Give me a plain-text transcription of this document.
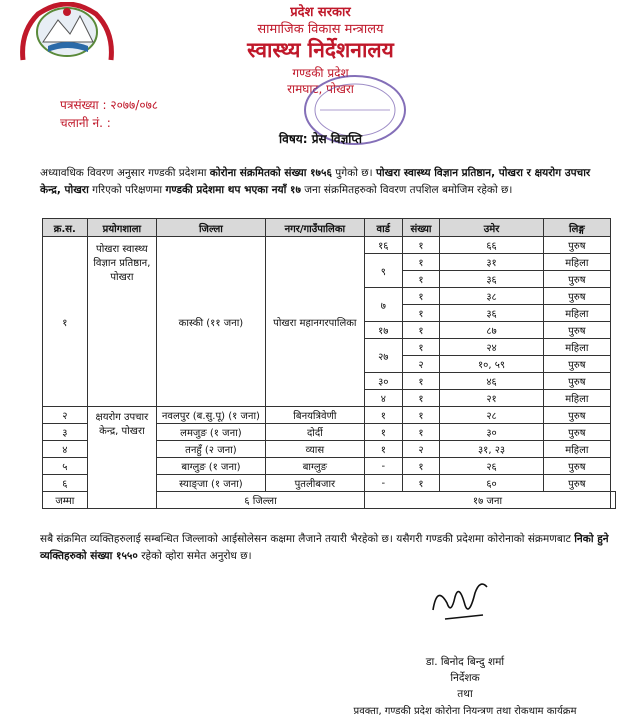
प्रदेश सरकार
सामाजिक विकास मन्त्रालय
स्वास्थ्य निर्देशनालय
गण्डकी प्रदेश
रामघाट, पोखरा
पत्रसंख्या : २०७७/०७८
चलानी नं. :
विषय: प्रेस विज्ञप्ति
अध्यावधिक विवरण अनुसार गण्डकी प्रदेशमा कोरोना संक्रमितको संख्या १७५६ पुगेको छ। पोखरा स्वास्थ्य विज्ञान प्रतिष्ठान, पोखरा र क्षयरोग उपचार केन्द्र, पोखरा गरिएको परिक्षणमा गण्डकी प्रदेशमा थप भएका नयाँ १७ जना संक्रमितहरुको विवरण तपशिल बमोजिम रहेको छ।
क्र.स.	प्रयोगशाला	जिल्ला	नगर/गाउँपालिका	वार्ड	संख्या	उमेर	लिङ्ग	
१	पोखरा स्वास्थ्य विज्ञान प्रतिष्ठान, पोखरा	कास्की (११ जना)	पोखरा महानगरपालिका	१६	१	६६	पुरुष	
				९	१	३१	महिला	
					१	३६	पुरुष	
				७	१	३८	पुरुष	
					१	३६	महिला	
				१७	१	८७	पुरुष	
				२७	१	२४	महिला	
					२	१०, ५९	पुरुष	
				३०	१	४६	पुरुष	
				४	१	२१	महिला	
२	क्षयरोग उपचार केन्द्र, पोखरा	नवलपुर (ब.सु.पू) (१ जना)	बिनयत्रिवेणी	१	१	२८	पुरुष	
३		लमजुङ (१ जना)	दोर्दी	१	१	३०	पुरुष	
४		तनहुँ (२ जना)	व्यास	१	२	३१, २३	महिला	
५		बाग्लुङ (१ जना)	बाग्लुङ	-	१	२६	पुरुष	
६		स्याङ्जा (१ जना)	पुतलीबजार	-	१	६०	पुरुष	
जम्मा		६ जिल्ला		१७ जना				
सबै संक्रमित व्यक्तिहरुलाई सम्बन्धित जिल्लाको आईसोलेसन कक्षमा लैजाने तयारी भैरहेको छ। यसैगरी गण्डकी प्रदेशमा कोरोनाको संक्रमणबाट निको हुने व्यक्तिहरुको संख्या १५५० रहेको व्होरा समेत अनुरोध छ।
डा. बिनोद बिन्दु शर्मा
निर्देशक
तथा
प्रवक्ता, गण्डकी प्रदेश कोरोना नियन्त्रण तथा रोकथाम कार्यक्रम
